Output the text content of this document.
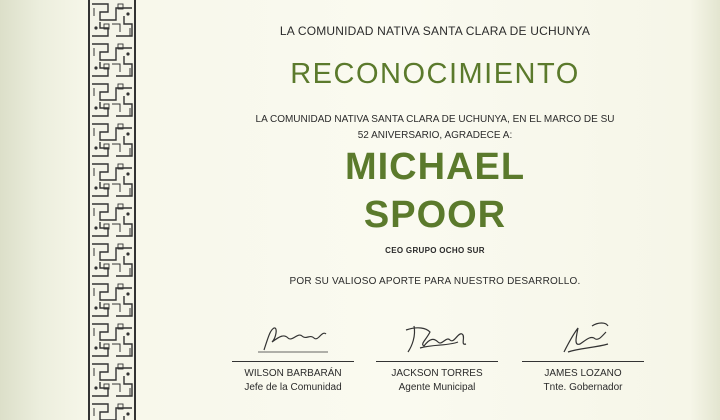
LA COMUNIDAD NATIVA SANTA CLARA DE UCHUNYA
RECONOCIMIENTO
LA COMUNIDAD NATIVA SANTA CLARA DE UCHUNYA, EN EL MARCO DE SU 52 ANIVERSARIO, AGRADECE A:
MICHAEL
SPOOR
CEO GRUPO OCHO SUR
POR SU VALIOSO APORTE PARA NUESTRO DESARROLLO.
WILSON BARBARÁN
Jefe de la Comunidad
JACKSON TORRES
Agente Municipal
JAMES LOZANO
Tnte. Gobernador
